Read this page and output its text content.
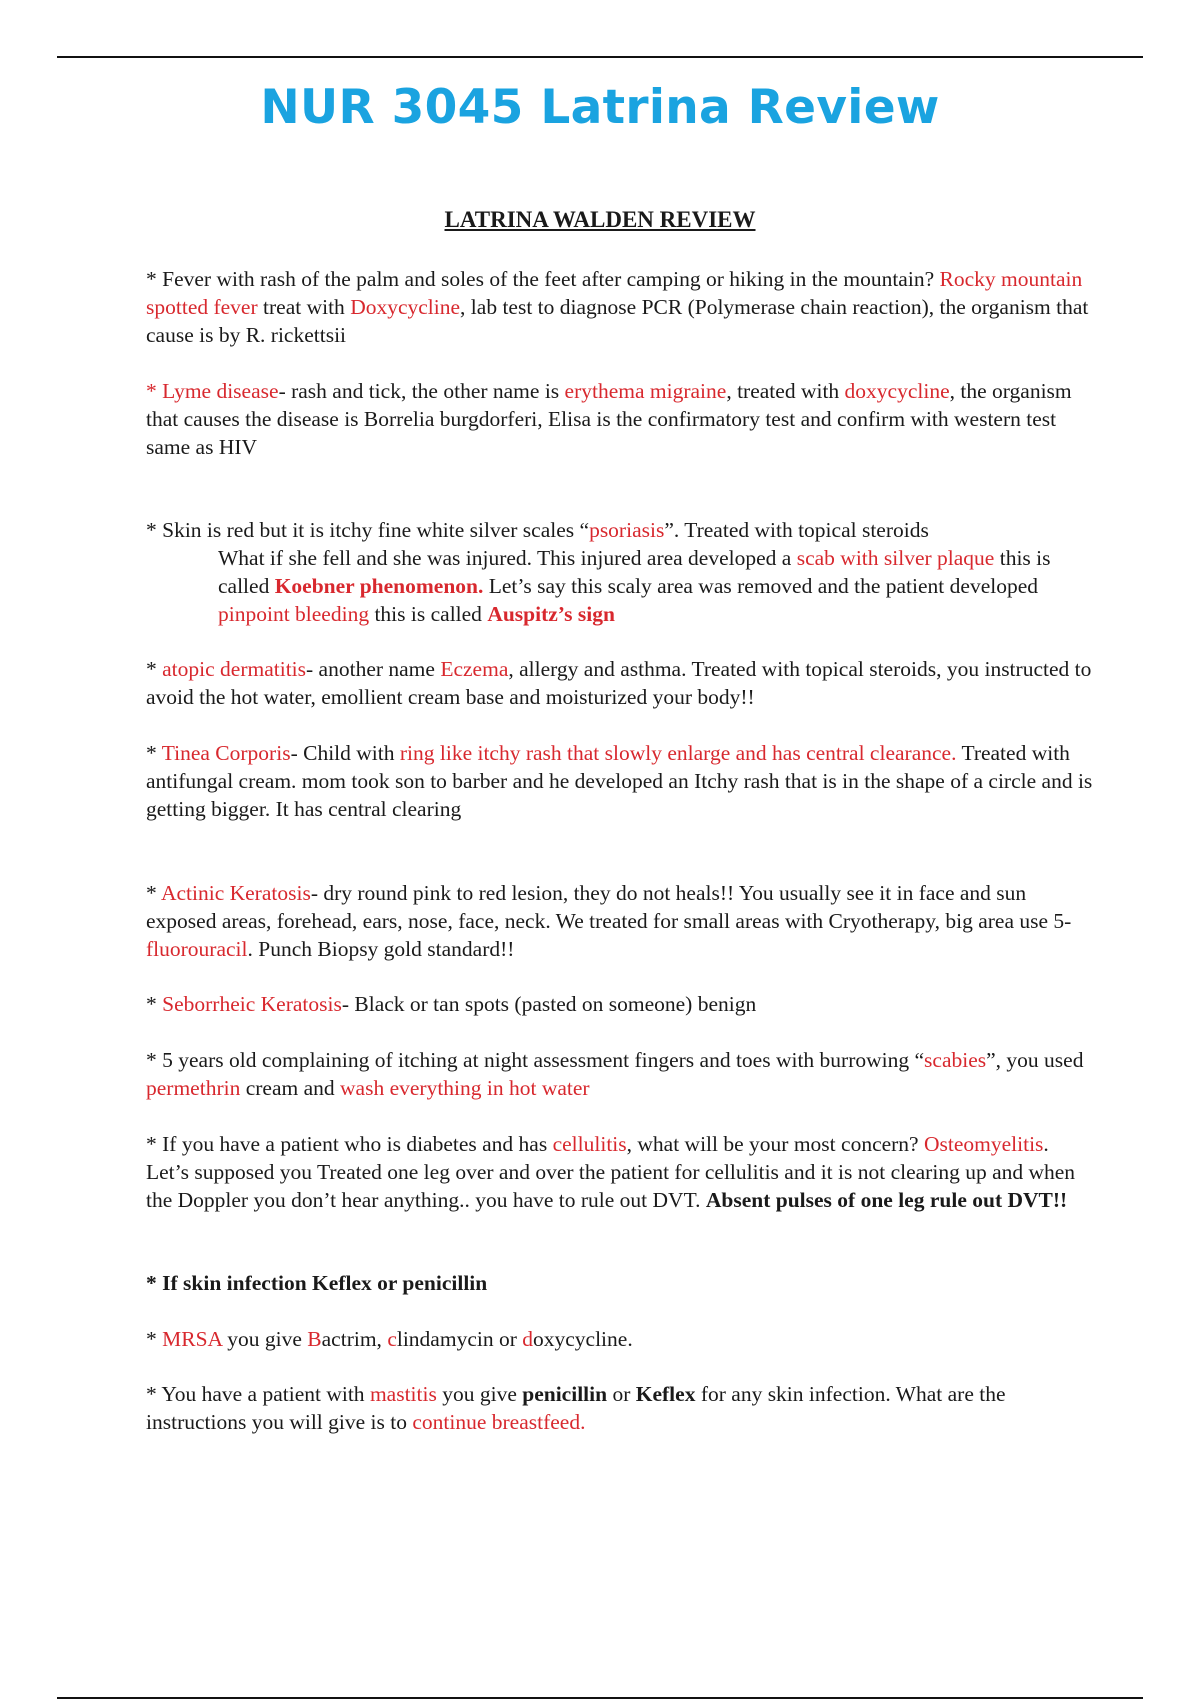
NUR 3045 Latrina Review
LATRINA WALDEN REVIEW

* Fever with rash of the palm and soles of the feet after camping or hiking in the mountain? Rocky mountain spotted fever treat with Doxycycline, lab test to diagnose PCR (Polymerase chain reaction), the organism that cause is by R. rickettsii

* Lyme disease- rash and tick, the other name is erythema migraine, treated with doxycycline, the organism that causes the disease is Borrelia burgdorferi, Elisa is the confirmatory test and confirm with western test same as HIV

* Skin is red but it is itchy fine white silver scales “psoriasis”. Treated with topical steroids
What if she fell and she was injured. This injured area developed a scab with silver plaque this is called Koebner phenomenon. Let’s say this scaly area was removed and the patient developed pinpoint bleeding this is called Auspitz’s sign

* atopic dermatitis- another name Eczema, allergy and asthma. Treated with topical steroids, you instructed to avoid the hot water, emollient cream base and moisturized your body!!

* Tinea Corporis- Child with ring like itchy rash that slowly enlarge and has central clearance. Treated with antifungal cream. mom took son to barber and he developed an Itchy rash that is in the shape of a circle and is getting bigger. It has central clearing

* Actinic Keratosis- dry round pink to red lesion, they do not heals!! You usually see it in face and sun exposed areas, forehead, ears, nose, face, neck. We treated for small areas with Cryotherapy, big area use 5-fluorouracil. Punch Biopsy gold standard!!

* Seborrheic Keratosis- Black or tan spots (pasted on someone) benign

* 5 years old complaining of itching at night assessment fingers and toes with burrowing “scabies”, you used permethrin cream and wash everything in hot water

* If you have a patient who is diabetes and has cellulitis, what will be your most concern? Osteomyelitis. Let’s supposed you Treated one leg over and over the patient for cellulitis and it is not clearing up and when the Doppler you don’t hear anything.. you have to rule out DVT. Absent pulses of one leg rule out DVT!!

* If skin infection Keflex or penicillin

* MRSA you give Bactrim, clindamycin or doxycycline.

* You have a patient with mastitis you give penicillin or Keflex for any skin infection. What are the instructions you will give is to continue breastfeed.
